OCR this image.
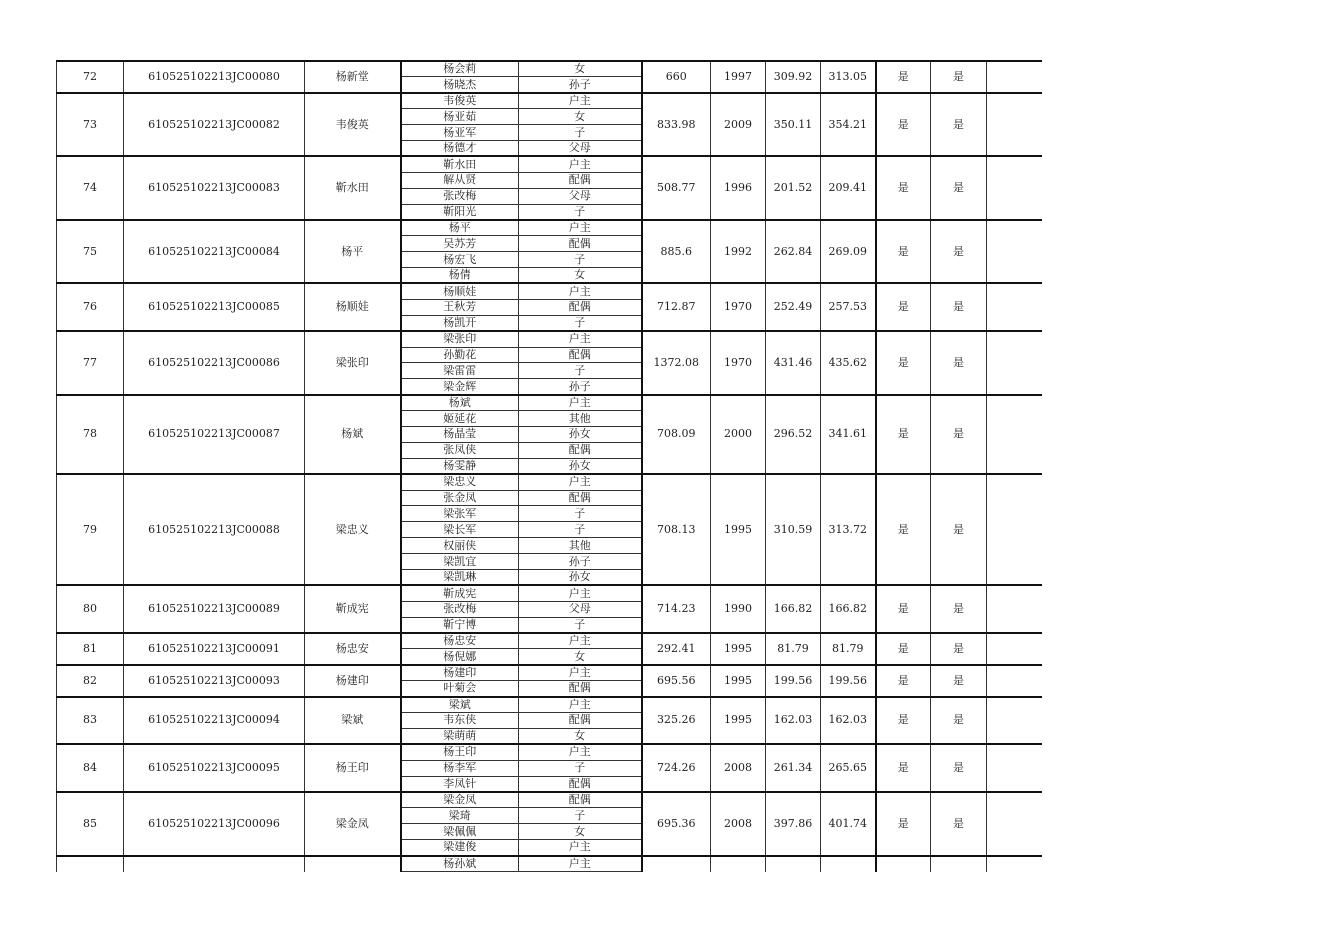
72	610525102213JC00080	杨新堂	杨会莉	女	660	1997	309.92	313.05	是	是	
			杨晓杰	孙子							
73	610525102213JC00082	韦俊英	韦俊英	户主	833.98	2009	350.11	354.21	是	是	
			杨亚茹	女							
			杨亚军	子							
			杨德才	父母							
74	610525102213JC00083	靳水田	靳水田	户主	508.77	1996	201.52	209.41	是	是	
			解从贤	配偶							
			张改梅	父母							
			靳阳光	子							
75	610525102213JC00084	杨平	杨平	户主	885.6	1992	262.84	269.09	是	是	
			吴苏芳	配偶							
			杨宏飞	子							
			杨倩	女							
76	610525102213JC00085	杨顺娃	杨顺娃	户主	712.87	1970	252.49	257.53	是	是	
			王秋芳	配偶							
			杨凯开	子							
77	610525102213JC00086	梁张印	梁张印	户主	1372.08	1970	431.46	435.62	是	是	
			孙勤花	配偶							
			梁雷雷	子							
			梁金辉	孙子							
78	610525102213JC00087	杨斌	杨斌	户主	708.09	2000	296.52	341.61	是	是	
			姬延花	其他							
			杨晶莹	孙女							
			张凤侠	配偶							
			杨雯静	孙女							
79	610525102213JC00088	梁忠义	梁忠义	户主	708.13	1995	310.59	313.72	是	是	
			张金凤	配偶							
			梁张军	子							
			梁长军	子							
			权丽侠	其他							
			梁凯宜	孙子							
			梁凯琳	孙女							
80	610525102213JC00089	靳成宪	靳成宪	户主	714.23	1990	166.82	166.82	是	是	
			张改梅	父母							
			靳宁博	子							
81	610525102213JC00091	杨忠安	杨忠安	户主	292.41	1995	81.79	81.79	是	是	
			杨倪娜	女							
82	610525102213JC00093	杨建印	杨建印	户主	695.56	1995	199.56	199.56	是	是	
			叶菊会	配偶							
83	610525102213JC00094	梁斌	梁斌	户主	325.26	1995	162.03	162.03	是	是	
			韦东侠	配偶							
			梁萌萌	女							
84	610525102213JC00095	杨王印	杨王印	户主	724.26	2008	261.34	265.65	是	是	
			杨李军	子							
			李凤针	配偶							
85	610525102213JC00096	梁金凤	梁金凤	配偶	695.36	2008	397.86	401.74	是	是	
			梁琦	子							
			梁佩佩	女							
			梁建俊	户主							
			杨孙斌	户主							
